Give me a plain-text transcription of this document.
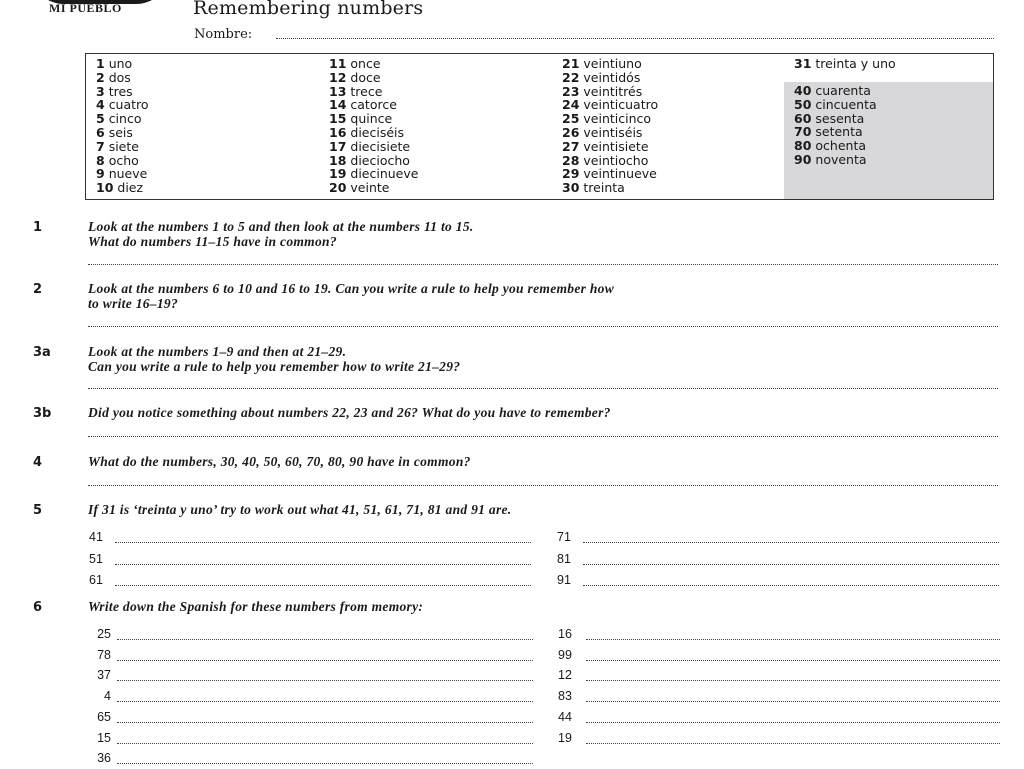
MI PUEBLO	Remembering numbers
Nombre:
1 uno
2 dos
3 tres
4 cuatro
5 cinco
6 seis
7 siete
8 ocho
9 nueve
10 diez
11 once
12 doce
13 trece
14 catorce
15 quince
16 dieciséis
17 diecisiete
18 dieciocho
19 diecinueve
20 veinte
21 veintiuno
22 veintidós
23 veintitrés
24 veinticuatro
25 veinticinco
26 veintiséis
27 veintisiete
28 veintiocho
29 veintinueve
30 treinta
31 treinta y uno
40 cuarenta
50 cincuenta
60 sesenta
70 setenta
80 ochenta
90 noventa
1	Look at the numbers 1 to 5 and then look at the numbers 11 to 15.
What do numbers 11–15 have in common?
2	Look at the numbers 6 to 10 and 16 to 19. Can you write a rule to help you remember how
to write 16–19?
3a	Look at the numbers 1–9 and then at 21–29.
Can you write a rule to help you remember how to write 21–29?
3b	Did you notice something about numbers 22, 23 and 26? What do you have to remember?
4	What do the numbers, 30, 40, 50, 60, 70, 80, 90 have in common?
5	If 31 is ‘treinta y uno’ try to work out what 41, 51, 61, 71, 81 and 91 are.
41
51
61
71
81
91
6	Write down the Spanish for these numbers from memory:
25
78
37
4
65
15
36
16
99
12
83
44
19
